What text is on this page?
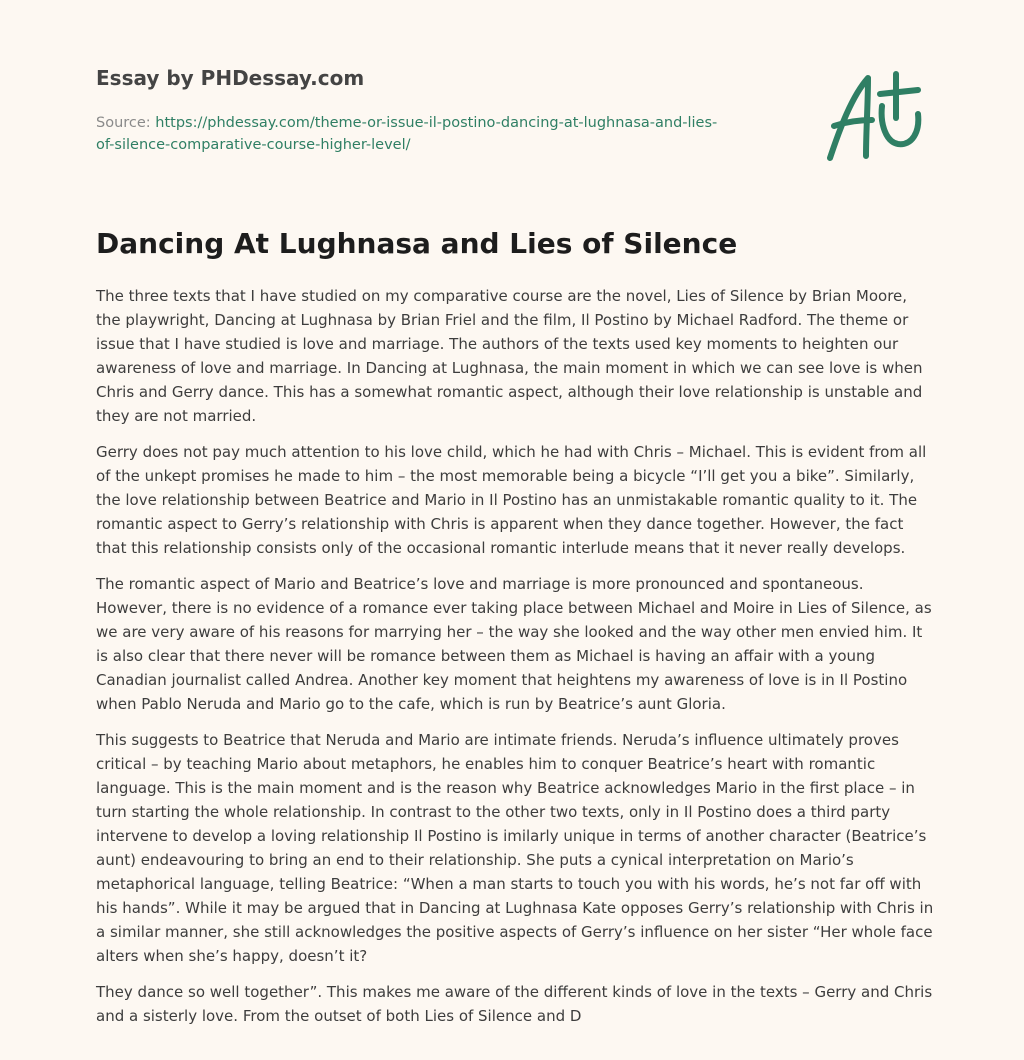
Essay by PHDessay.com
Source: https://phdessay.com/theme-or-issue-il-postino-dancing-at-lughnasa-and-lies-
of-silence-comparative-course-higher-level/
Dancing At Lughnasa and Lies of Silence

The three texts that I have studied on my comparative course are the novel, Lies of Silence by Brian Moore, the playwright, Dancing at Lughnasa by Brian Friel and the film, Il Postino by Michael Radford. The theme or issue that I have studied is love and marriage. The authors of the texts used key moments to heighten our awareness of love and marriage. In Dancing at Lughnasa, the main moment in which we can see love is when Chris and Gerry dance. This has a somewhat romantic aspect, although their love relationship is unstable and they are not married.

Gerry does not pay much attention to his love child, which he had with Chris – Michael. This is evident from all of the unkept promises he made to him – the most memorable being a bicycle “I’ll get you a bike”. Similarly, the love relationship between Beatrice and Mario in Il Postino has an unmistakable romantic quality to it. The romantic aspect to Gerry’s relationship with Chris is apparent when they dance together. However, the fact that this relationship consists only of the occasional romantic interlude means that it never really develops.

The romantic aspect of Mario and Beatrice’s love and marriage is more pronounced and spontaneous. However, there is no evidence of a romance ever taking place between Michael and Moire in Lies of Silence, as we are very aware of his reasons for marrying her – the way she looked and the way other men envied him. It is also clear that there never will be romance between them as Michael is having an affair with a young Canadian journalist called Andrea. Another key moment that heightens my awareness of love is in Il Postino when Pablo Neruda and Mario go to the cafe, which is run by Beatrice’s aunt Gloria.

This suggests to Beatrice that Neruda and Mario are intimate friends. Neruda’s influence ultimately proves critical – by teaching Mario about metaphors, he enables him to conquer Beatrice’s heart with romantic language. This is the main moment and is the reason why Beatrice acknowledges Mario in the first place – in turn starting the whole relationship. In contrast to the other two texts, only in Il Postino does a third party intervene to develop a loving relationship Il Postino is imilarly unique in terms of another character (Beatrice’s aunt) endeavouring to bring an end to their relationship. She puts a cynical interpretation on Mario’s metaphorical language, telling Beatrice: “When a man starts to touch you with his words, he’s not far off with his hands”. While it may be argued that in Dancing at Lughnasa Kate opposes Gerry’s relationship with Chris in a similar manner, she still acknowledges the positive aspects of Gerry’s influence on her sister “Her whole face alters when she’s happy, doesn’t it?

They dance so well together”. This makes me aware of the different kinds of love in the texts – Gerry and Chris and a sisterly love. From the outset of both Lies of Silence and D
